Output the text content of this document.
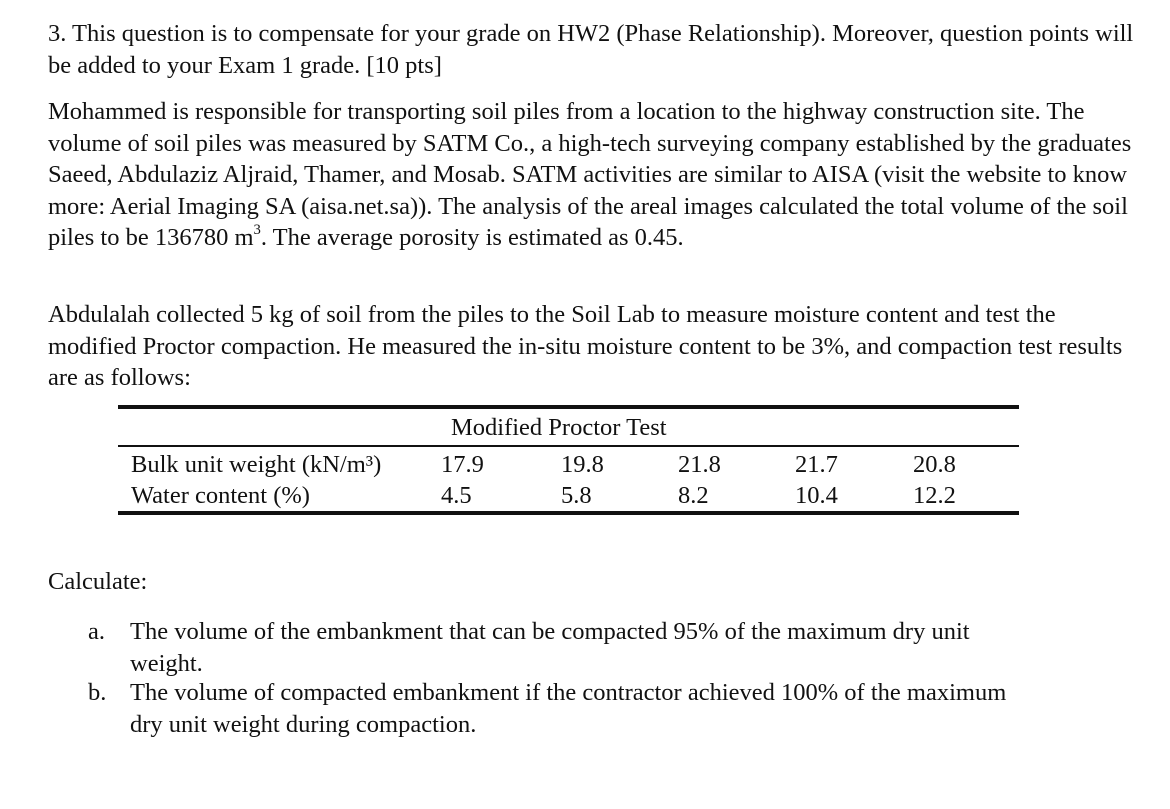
3. This question is to compensate for your grade on HW2 (Phase Relationship). Moreover, question points will be added to your Exam 1 grade. [10 pts]
Mohammed is responsible for transporting soil piles from a location to the highway construction site. The volume of soil piles was measured by SATM Co., a high-tech surveying company established by the graduates Saeed, Abdulaziz Aljraid, Thamer, and Mosab. SATM activities are similar to AISA (visit the website to know more: Aerial Imaging SA (aisa.net.sa)). The analysis of the areal images calculated the total volume of the soil piles to be 136780 $m^3$. The average porosity is estimated as 0.45.
Abdulalah collected 5 kg of soil from the piles to the Soil Lab to measure moisture content and test the modified Proctor compaction. He measured the in-situ moisture content to be 3%, and compaction test results are as follows:
Modified Proctor Test
Bulk unit weight (kN/m³) 17.9	19.8	21.8	21.7	20.8
Water content (%)	4.5	5.8	8.2	10.4	12.2
Calculate:
a. The volume of the embankment that can be compacted 95% of the maximum dry unit
weight.
b. The volume of compacted embankment if the contractor achieved 100% of the maximum
dry unit weight during compaction.
